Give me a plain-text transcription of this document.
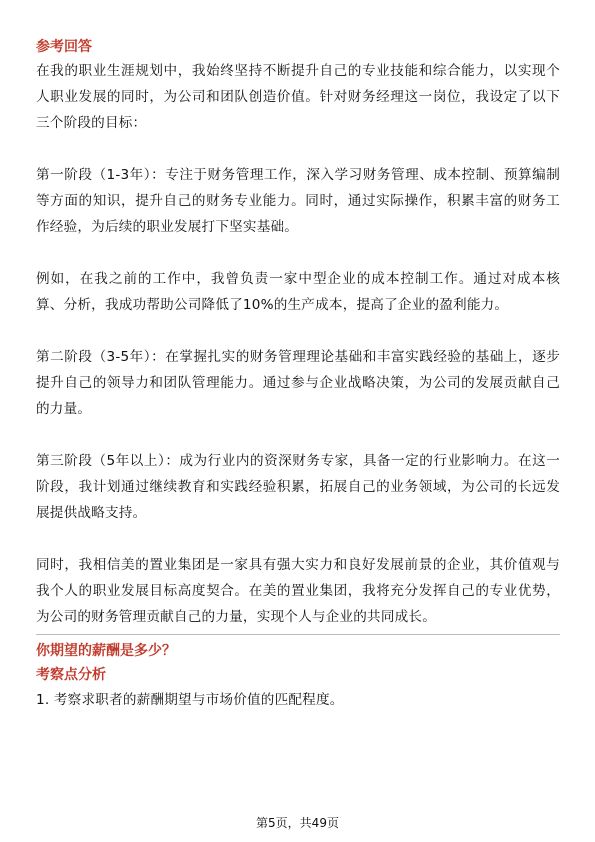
参考回答

在我的职业生涯规划中，我始终坚持不断提升自己的专业技能和综合能力，以实现个人职业发展的同时，为公司和团队创造价值。针对财务经理这一岗位，我设定了以下三个阶段的目标：

第一阶段（1-3年）：专注于财务管理工作，深入学习财务管理、成本控制、预算编制等方面的知识，提升自己的财务专业能力。同时，通过实际操作，积累丰富的财务工作经验，为后续的职业发展打下坚实基础。

例如，在我之前的工作中，我曾负责一家中型企业的成本控制工作。通过对成本核算、分析，我成功帮助公司降低了10%的生产成本，提高了企业的盈利能力。

第二阶段（3-5年）：在掌握扎实的财务管理理论基础和丰富实践经验的基础上，逐步提升自己的领导力和团队管理能力。通过参与企业战略决策，为公司的发展贡献自己的力量。

第三阶段（5年以上）：成为行业内的资深财务专家，具备一定的行业影响力。在这一阶段，我计划通过继续教育和实践经验积累，拓展自己的业务领域，为公司的长远发展提供战略支持。

同时，我相信美的置业集团是一家具有强大实力和良好发展前景的企业，其价值观与我个人的职业发展目标高度契合。在美的置业集团，我将充分发挥自己的专业优势，为公司的财务管理贡献自己的力量，实现个人与企业的共同成长。

你期望的薪酬是多少？

考察点分析

1. 考察求职者的薪酬期望与市场价值的匹配程度。

第5页，共49页
